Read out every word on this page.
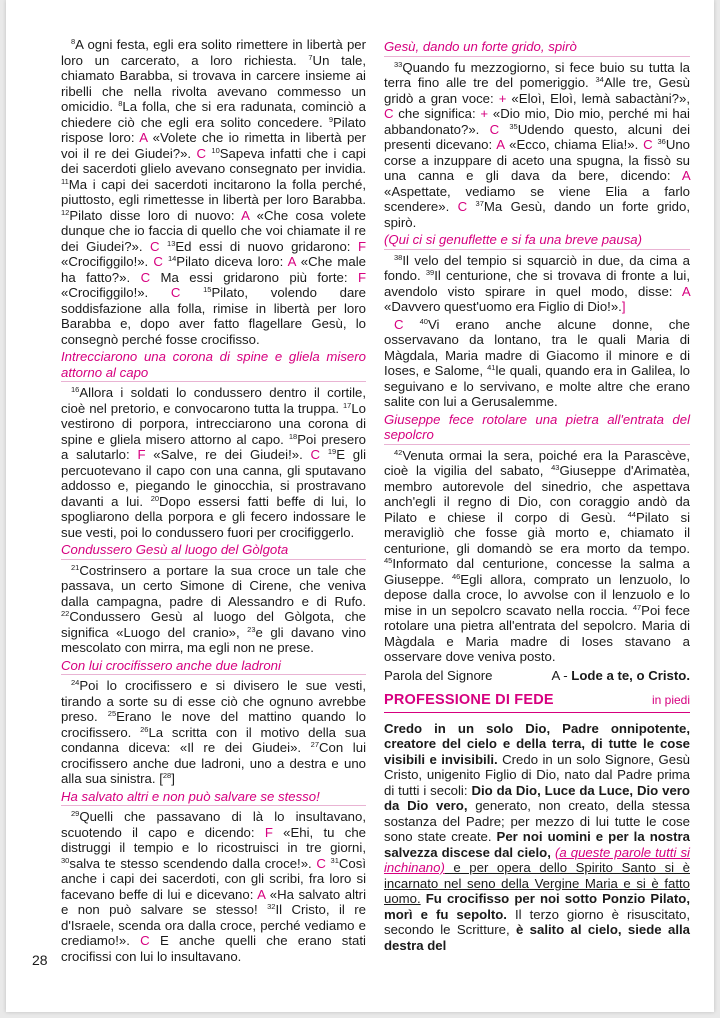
$^8$A ogni festa, egli era solito rimettere in libertà per loro un carcerato, a loro richiesta. $^7$Un tale, chiamato Barabba, si trovava in carcere insieme ai ribelli che nella rivolta avevano commesso un omicidio. $^8$La folla, che si era radunata, cominciò a chiedere ciò che egli era solito concedere. $^9$Pilato rispose loro: A «Volete che io rimetta in libertà per voi il re dei Giudei?». C $^{10}$Sapeva infatti che i capi dei sacerdoti glielo avevano consegnato per invidia. $^{11}$Ma i capi dei sacerdoti incitarono la folla perché, piuttosto, egli rimettesse in libertà per loro Barabba. $^{12}$Pilato disse loro di nuovo: A «Che cosa volete dunque che io faccia di quello che voi chiamate il re dei Giudei?». C $^{13}$Ed essi di nuovo gridarono: F «Crocifiggilo!». C $^{14}$Pilato diceva loro: A «Che male ha fatto?». C Ma essi gridarono più forte: F «Crocifiggilo!». C	$^{15}$Pilato, volendo dare soddisfazione alla folla, rimise in libertà per loro Barabba e, dopo aver fatto flagellare Gesù, lo consegnò perché fosse crocifisso.

Intrecciarono una corona di spine e gliela misero attorno al capo

$^{16}$Allora i soldati lo condussero dentro il cortile, cioè nel pretorio, e convocarono tutta la truppa. $^{17}$Lo vestirono di porpora, intrecciarono una corona di spine e gliela misero attorno al capo. $^{18}$Poi presero a salutarlo: F «Salve, re dei Giudei!». C $^{19}$E gli percuotevano il capo con una canna, gli sputavano addosso e, piegando le ginocchia, si prostravano davanti a lui. $^{20}$Dopo essersi fatti beffe di lui, lo spogliarono della porpora e gli fecero indossare le sue vesti, poi lo condussero fuori per crocifiggerlo.

Condussero Gesù al luogo del Gòlgota

$^{21}$Costrinsero a portare la sua croce un tale che passava, un certo Simone di Cirene, che veniva dalla campagna, padre di Alessandro e di Rufo. $^{22}$Condussero Gesù al luogo del Gòlgota, che significa «Luogo del cranio», $^{23}$e gli davano vino mescolato con mirra, ma egli non ne prese.

Con lui crocifissero anche due ladroni

$^{24}$Poi lo crocifissero e si divisero le sue vesti, tirando a sorte su di esse ciò che ognuno avrebbe preso. $^{25}$Erano le nove del mattino quando lo crocifissero. $^{26}$La scritta con il motivo della sua condanna diceva: «Il re dei Giudei». $^{27}$Con lui crocifissero anche due ladroni, uno a destra e uno alla sua sinistra. [$^{28}$]

Ha salvato altri e non può salvare se stesso!

$^{29}$Quelli che passavano di là lo insultavano, scuotendo il capo e dicendo: F «Ehi, tu che distruggi il tempio e lo ricostruisci in tre giorni, $^{30}$salva te stesso scendendo dalla croce!». C $^{31}$Così anche i capi dei sacerdoti, con gli scribi, fra loro si facevano beffe di lui e dicevano: A «Ha salvato altri e non può salvare se stesso! $^{32}$Il Cristo, il re d'Israele, scenda ora dalla croce, perché vediamo e crediamo!». C E anche quelli che erano stati crocifissi con lui lo insultavano.

28
Gesù, dando un forte grido, spirò

$^{33}$Quando fu mezzogiorno, si fece buio su tutta la terra fino alle tre del pomeriggio. $^{34}$Alle tre, Gesù gridò a gran voce: + «Eloì, Eloì, lemà sabactàni?», C che significa: + «Dio mio, Dio mio, perché mi hai abbandonato?». C $^{35}$Udendo questo, alcuni dei presenti dicevano: A «Ecco, chiama Elia!». C $^{36}$Uno corse a inzuppare di aceto una spugna, la fissò su una canna e gli dava da bere, dicendo: A «Aspettate, vediamo se viene Elia a farlo scendere». C $^{37}$Ma Gesù, dando un forte grido, spirò.

(Qui ci si genuflette e si fa una breve pausa)

$^{38}$Il velo del tempio si squarciò in due, da cima a fondo. $^{39}$Il centurione, che si trovava di fronte a lui, avendolo visto spirare in quel modo, disse: A «Davvero quest'uomo era Figlio di Dio!».]

C $^{40}$Vi erano anche alcune donne, che osservavano da lontano, tra le quali Maria di Màgdala, Maria madre di Giacomo il minore e di Ioses, e Salome, $^{41}$le quali, quando era in Galilea, lo seguivano e lo servivano, e molte altre che erano salite con lui a Gerusalemme.

Giuseppe fece rotolare una pietra all'entrata del sepolcro

$^{42}$Venuta ormai la sera, poiché era la Parascève, cioè la vigilia del sabato, $^{43}$Giuseppe d'Arimatèa, membro autorevole del sinedrio, che aspettava anch'egli il regno di Dio, con coraggio andò da Pilato e chiese il corpo di Gesù. $^{44}$Pilato si meravigliò che fosse già morto e, chiamato il centurione, gli domandò se era morto da tempo. $^{45}$Informato dal centurione, concesse la salma a Giuseppe. $^{46}$Egli allora, comprato un lenzuolo, lo depose dalla croce, lo avvolse con il lenzuolo e lo mise in un sepolcro scavato nella roccia. $^{47}$Poi fece rotolare una pietra all'entrata del sepolcro. Maria di Màgdala e Maria madre di Ioses stavano a osservare dove veniva posto.

Parola del Signore	A - Lode a te, o Cristo.
PROFESSIONE DI FEDE	in piedi

Credo in un solo Dio, Padre onnipotente, creatore del cielo e della terra, di tutte le cose visibili e invisibili. Credo in un solo Signore, Gesù Cristo, unigenito Figlio di Dio, nato dal Padre prima di tutti i secoli: Dio da Dio, Luce da Luce, Dio vero da Dio vero, generato, non creato, della stessa sostanza del Padre; per mezzo di lui tutte le cose sono state create. Per noi uomini e per la nostra salvezza discese dal cielo, (a queste parole tutti si inchinano) e per opera dello Spirito Santo si è incarnato nel seno della Vergine Maria e si è fatto uomo. Fu crocifisso per noi sotto Ponzio Pilato, morì e fu sepolto. Il terzo giorno è risuscitato, secondo le Scritture, è salito al cielo, siede alla destra del
